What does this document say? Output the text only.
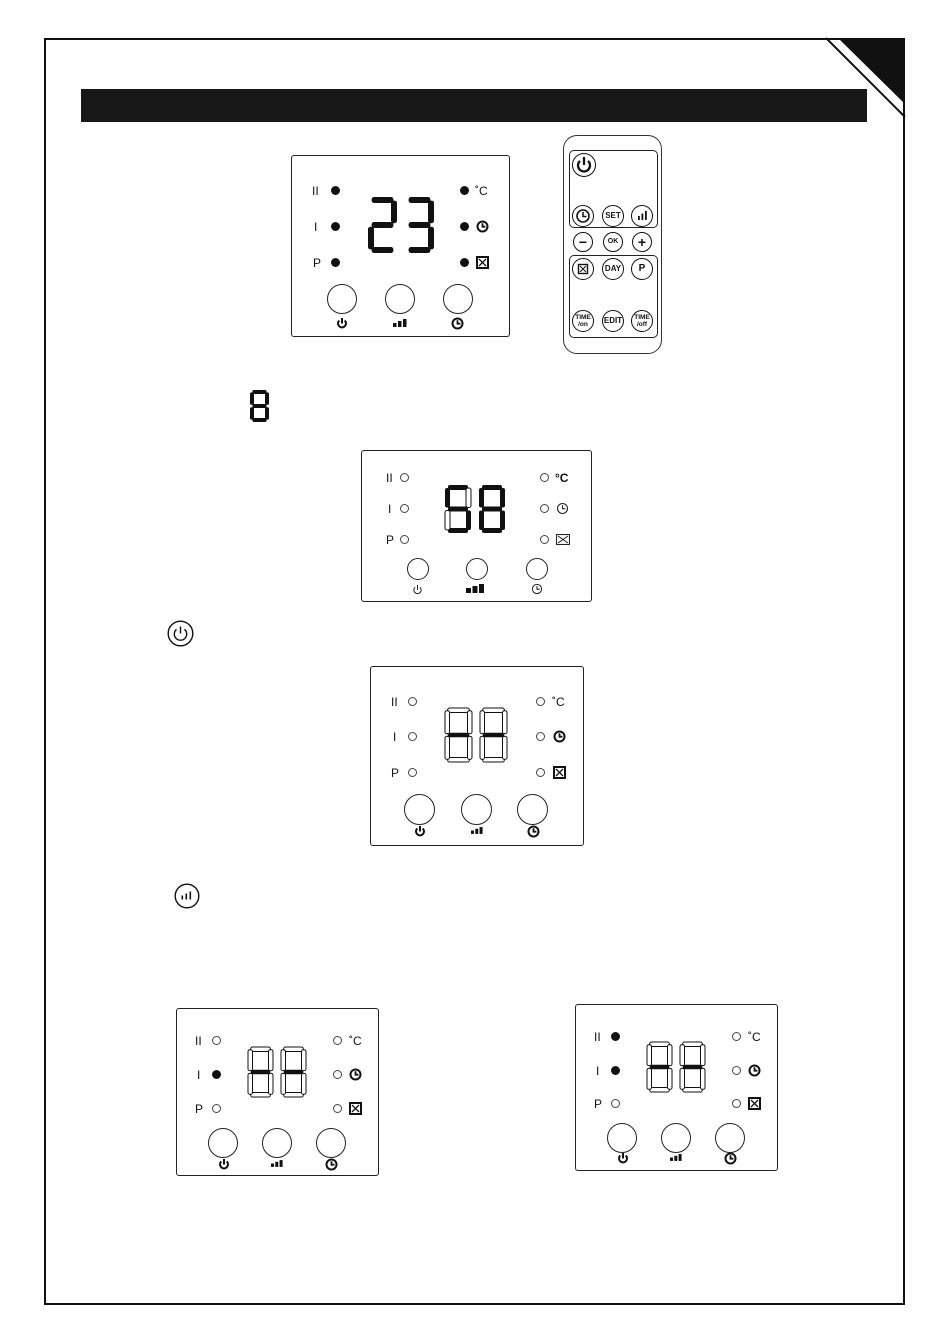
II
I
P
˚C
SET
−	OK	+
DAY	P
TIME
/on	EDIT	TIME
/off
II
I
P
°C
II
I
P
˚C
II
I
P
˚C	II
I
P
˚C
